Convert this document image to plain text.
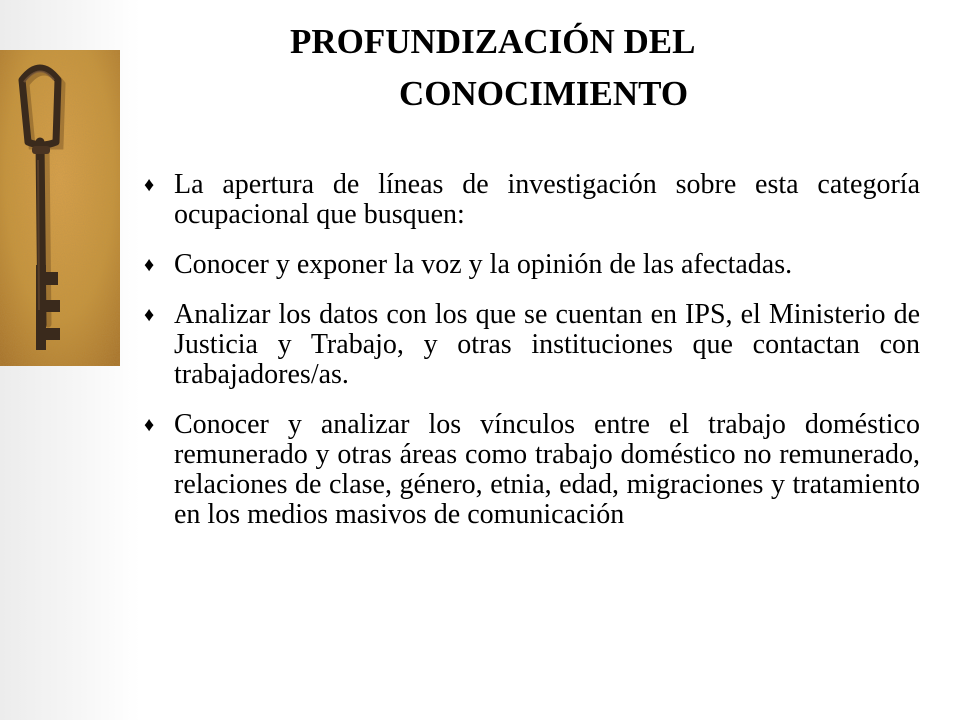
PROFUNDIZACIÓN DEL
CONOCIMIENTO
♦ La apertura de líneas de investigación sobre esta categoría ocupacional que busquen:
♦ Conocer y exponer la voz y la opinión de las afectadas.
♦ Analizar los datos con los que se cuentan en IPS, el Ministerio de Justicia y Trabajo, y otras instituciones que contactan con trabajadores/as.
♦ Conocer y analizar los vínculos entre el trabajo doméstico remunerado y otras áreas como trabajo doméstico no remunerado, relaciones de clase, género, etnia, edad, migraciones y tratamiento en los medios masivos de comunicación
